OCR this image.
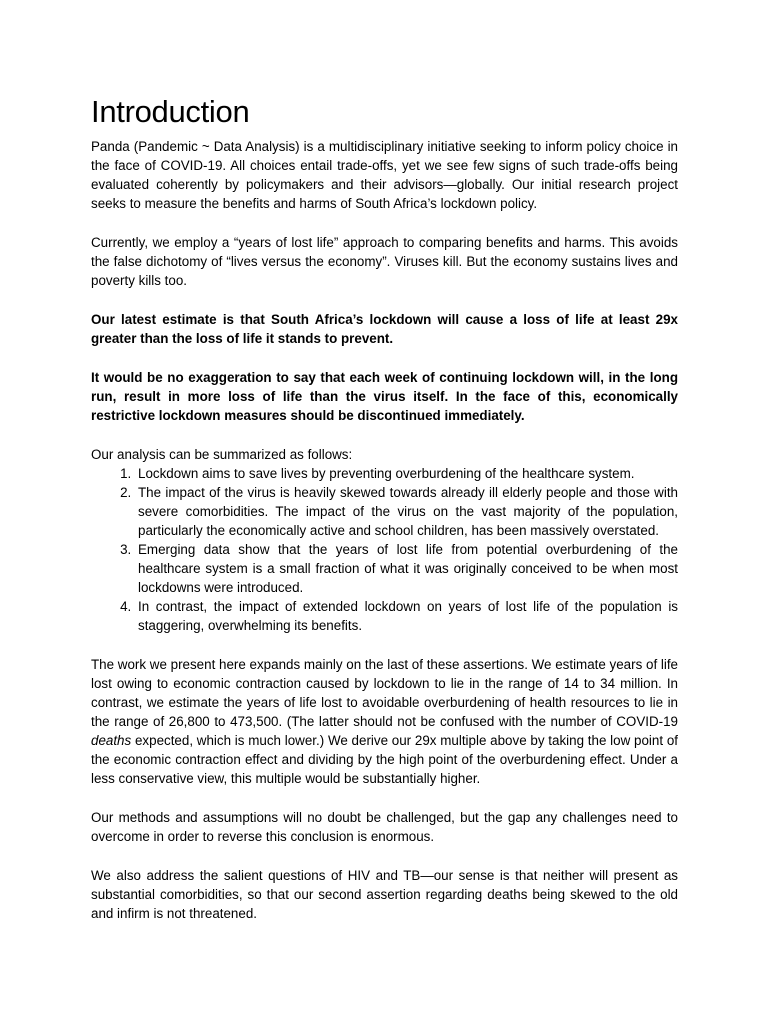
Introduction

Panda (Pandemic ~ Data Analysis) is a multidisciplinary initiative seeking to inform policy choice in the face of COVID-19. All choices entail trade-offs, yet we see few signs of such trade-offs being evaluated coherently by policymakers and their advisors—globally. Our initial research project seeks to measure the benefits and harms of South Africa’s lockdown policy.

Currently, we employ a “years of lost life” approach to comparing benefits and harms. This avoids the false dichotomy of “lives versus the economy”. Viruses kill. But the economy sustains lives and poverty kills too.

Our latest estimate is that South Africa’s lockdown will cause a loss of life at least 29x greater than the loss of life it stands to prevent.

It would be no exaggeration to say that each week of continuing lockdown will, in the long run, result in more loss of life than the virus itself. In the face of this, economically restrictive lockdown measures should be discontinued immediately.

Our analysis can be summarized as follows:

1. Lockdown aims to save lives by preventing overburdening of the healthcare system.
2. The impact of the virus is heavily skewed towards already ill elderly people and those with severe comorbidities. The impact of the virus on the vast majority of the population, particularly the economically active and school children, has been massively overstated.
3. Emerging data show that the years of lost life from potential overburdening of the healthcare system is a small fraction of what it was originally conceived to be when most lockdowns were introduced.
4. In contrast, the impact of extended lockdown on years of lost life of the population is staggering, overwhelming its benefits.

The work we present here expands mainly on the last of these assertions. We estimate years of life lost owing to economic contraction caused by lockdown to lie in the range of 14 to 34 million. In contrast, we estimate the years of life lost to avoidable overburdening of health resources to lie in the range of 26,800 to 473,500. (The latter should not be confused with the number of COVID-19 deaths expected, which is much lower.) We derive our 29x multiple above by taking the low point of the economic contraction effect and dividing by the high point of the overburdening effect. Under a less conservative view, this multiple would be substantially higher.

Our methods and assumptions will no doubt be challenged, but the gap any challenges need to overcome in order to reverse this conclusion is enormous.

We also address the salient questions of HIV and TB—our sense is that neither will present as substantial comorbidities, so that our second assertion regarding deaths being skewed to the old and infirm is not threatened.
